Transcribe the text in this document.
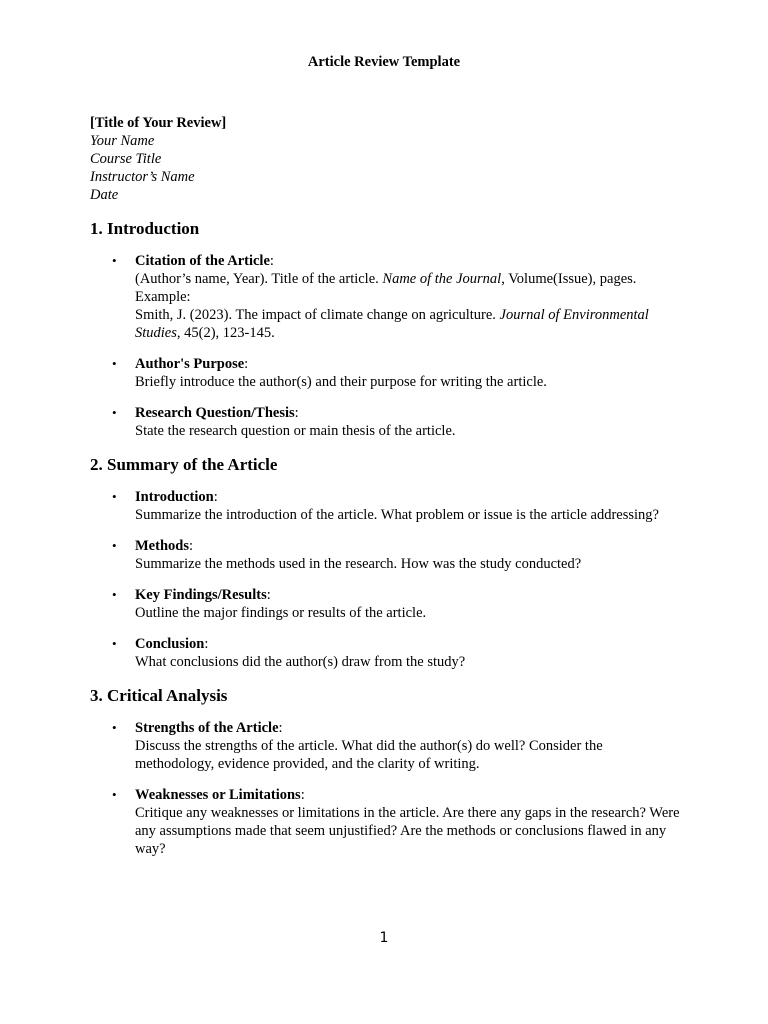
Article Review Template
[Title of Your Review]
Your Name
Course Title
Instructor’s Name
Date
1. Introduction
• Citation of the Article:
(Author’s name, Year). Title of the article. Name of the Journal, Volume(Issue), pages.
Example:
Smith, J. (2023). The impact of climate change on agriculture. Journal of Environmental Studies, 45(2), 123-145.
• Author's Purpose:
Briefly introduce the author(s) and their purpose for writing the article.
• Research Question/Thesis:
State the research question or main thesis of the article.
2. Summary of the Article
• Introduction:
Summarize the introduction of the article. What problem or issue is the article addressing?
• Methods:
Summarize the methods used in the research. How was the study conducted?
• Key Findings/Results:
Outline the major findings or results of the article.
• Conclusion:
What conclusions did the author(s) draw from the study?
3. Critical Analysis
• Strengths of the Article:
Discuss the strengths of the article. What did the author(s) do well? Consider the methodology, evidence provided, and the clarity of writing.
• Weaknesses or Limitations:
Critique any weaknesses or limitations in the article. Are there any gaps in the research? Were any assumptions made that seem unjustified? Are the methods or conclusions flawed in any way?
1
